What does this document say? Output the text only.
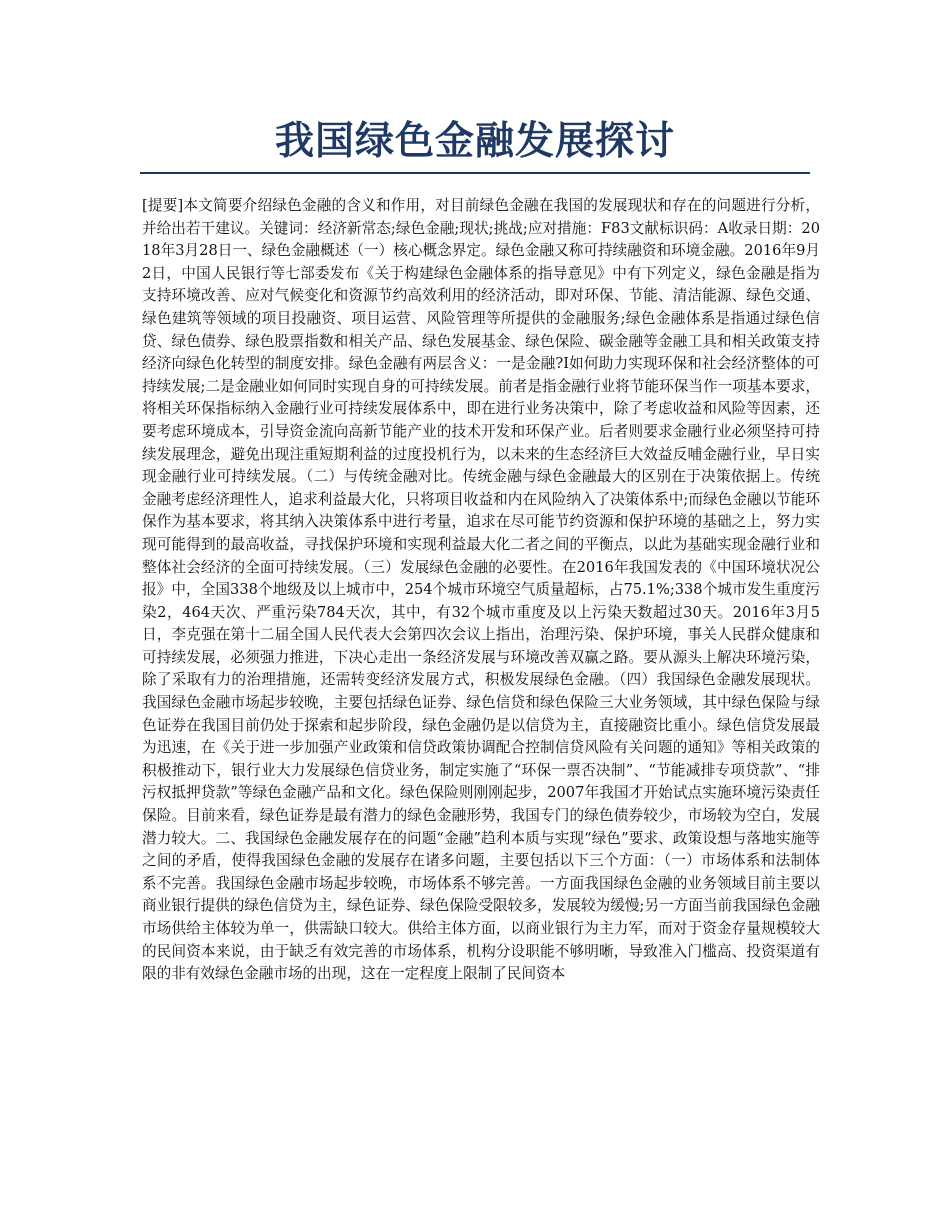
我国绿色金融发展探讨

[提要]本文简要介绍绿色金融的含义和作用，对目前绿色金融在我国的发展现状和存在的问题进行分析，并给出若干建议。关键词：经济新常态;绿色金融;现状;挑战;应对措施：F83文献标识码：A收录日期：2018年3月28日一、绿色金融概述（一）核心概念界定。绿色金融又称可持续融资和环境金融。2016年9月2日，中国人民银行等七部委发布《关于构建绿色金融体系的指导意见》中有下列定义，绿色金融是指为支持环境改善、应对气候变化和资源节约高效利用的经济活动，即对环保、节能、清洁能源、绿色交通、绿色建筑等领域的项目投融资、项目运营、风险管理等所提供的金融服务;绿色金融体系是指通过绿色信贷、绿色债券、绿色股票指数和相关产品、绿色发展基金、绿色保险、碳金融等金融工具和相关政策支持经济向绿色化转型的制度安排。绿色金融有两层含义：一是金融?I如何助力实现环保和社会经济整体的可持续发展;二是金融业如何同时实现自身的可持续发展。前者是指金融行业将节能环保当作一项基本要求，将相关环保指标纳入金融行业可持续发展体系中，即在进行业务决策中，除了考虑收益和风险等因素，还要考虑环境成本，引导资金流向高新节能产业的技术开发和环保产业。后者则要求金融行业必须坚持可持续发展理念，避免出现注重短期利益的过度投机行为，以未来的生态经济巨大效益反哺金融行业，早日实现金融行业可持续发展。（二）与传统金融对比。传统金融与绿色金融最大的区别在于决策依据上。传统金融考虑经济理性人，追求利益最大化，只将项目收益和内在风险纳入了决策体系中;而绿色金融以节能环保作为基本要求，将其纳入决策体系中进行考量，追求在尽可能节约资源和保护环境的基础之上，努力实现可能得到的最高收益，寻找保护环境和实现利益最大化二者之间的平衡点，以此为基础实现金融行业和整体社会经济的全面可持续发展。（三）发展绿色金融的必要性。在2016年我国发表的《中国环境状况公报》中，全国338个地级及以上城市中，254个城市环境空气质量超标，占75.1%;338个城市发生重度污染2，464天次、严重污染784天次，其中，有32个城市重度及以上污染天数超过30天。2016年3月5日，李克强在第十二届全国人民代表大会第四次会议上指出，治理污染、保护环境，事关人民群众健康和可持续发展，必须强力推进，下决心走出一条经济发展与环境改善双赢之路。要从源头上解决环境污染，除了采取有力的治理措施，还需转变经济发展方式，积极发展绿色金融。（四）我国绿色金融发展现状。我国绿色金融市场起步较晚，主要包括绿色证券、绿色信贷和绿色保险三大业务领域，其中绿色保险与绿色证券在我国目前仍处于探索和起步阶段，绿色金融仍是以信贷为主，直接融资比重小。绿色信贷发展最为迅速，在《关于进一步加强产业政策和信贷政策协调配合控制信贷风险有关问题的通知》等相关政策的积极推动下，银行业大力发展绿色信贷业务，制定实施了“环保一票否决制”、“节能减排专项贷款”、“排污权抵押贷款”等绿色金融产品和文化。绿色保险则刚刚起步，2007年我国才开始试点实施环境污染责任保险。目前来看，绿色证券是最有潜力的绿色金融形势，我国专门的绿色债券较少，市场较为空白，发展潜力较大。二、我国绿色金融发展存在的问题“金融”趋利本质与实现“绿色”要求、政策设想与落地实施等之间的矛盾，使得我国绿色金融的发展存在诸多问题，主要包括以下三个方面：（一）市场体系和法制体系不完善。我国绿色金融市场起步较晚，市场体系不够完善。一方面我国绿色金融的业务领域目前主要以商业银行提供的绿色信贷为主，绿色证券、绿色保险受限较多，发展较为缓慢;另一方面当前我国绿色金融市场供给主体较为单一，供需缺口较大。供给主体方面，以商业银行为主力军，而对于资金存量规模较大的民间资本来说，由于缺乏有效完善的市场体系，机构分设职能不够明晰，导致准入门槛高、投资渠道有限的非有效绿色金融市场的出现，这在一定程度上限制了民间资本
